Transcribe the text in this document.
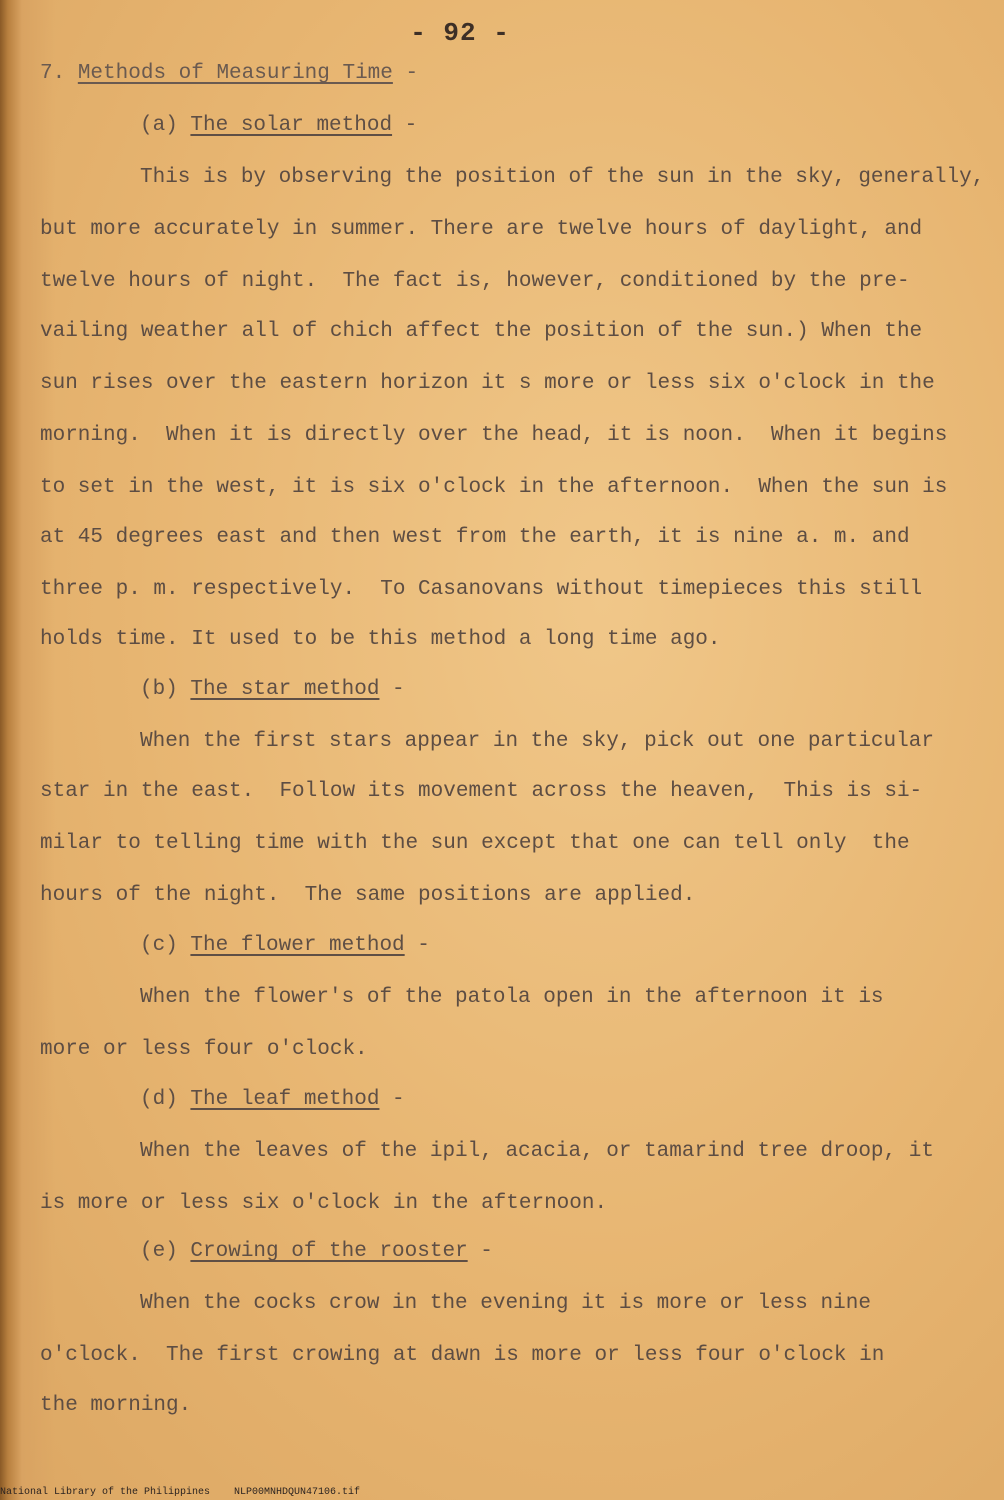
- 92 -
7. Methods of Measuring Time -
(a) The solar method -
This is by observing the position of the sun in the sky, generally,
but more accurately in summer. There are twelve hours of daylight, and
twelve hours of night.  The fact is, however, conditioned by the pre-
vailing weather all of chich affect the position of the sun.) When the
sun rises over the eastern horizon it s more or less six o'clock in the
morning.  When it is directly over the head, it is noon.  When it begins
to set in the west, it is six o'clock in the afternoon.  When the sun is
at 45 degrees east and then west from the earth, it is nine a. m. and
three p. m. respectively.  To Casanovans without timepieces this still
holds time. It used to be this method a long time ago.
(b) The star method -
When the first stars appear in the sky, pick out one particular
star in the east.  Follow its movement across the heaven,  This is si-
milar to telling time with the sun except that one can tell only  the
hours of the night.  The same positions are applied.
(c) The flower method -
When the flower's of the patola open in the afternoon it is
more or less four o'clock.
(d) The leaf method -
When the leaves of the ipil, acacia, or tamarind tree droop, it
is more or less six o'clock in the afternoon.
(e) Crowing of the rooster -
When the cocks crow in the evening it is more or less nine
o'clock.  The first crowing at dawn is more or less four o'clock in
the morning.
National Library of the Philippines    NLP00MNHDQUN47106.tif
